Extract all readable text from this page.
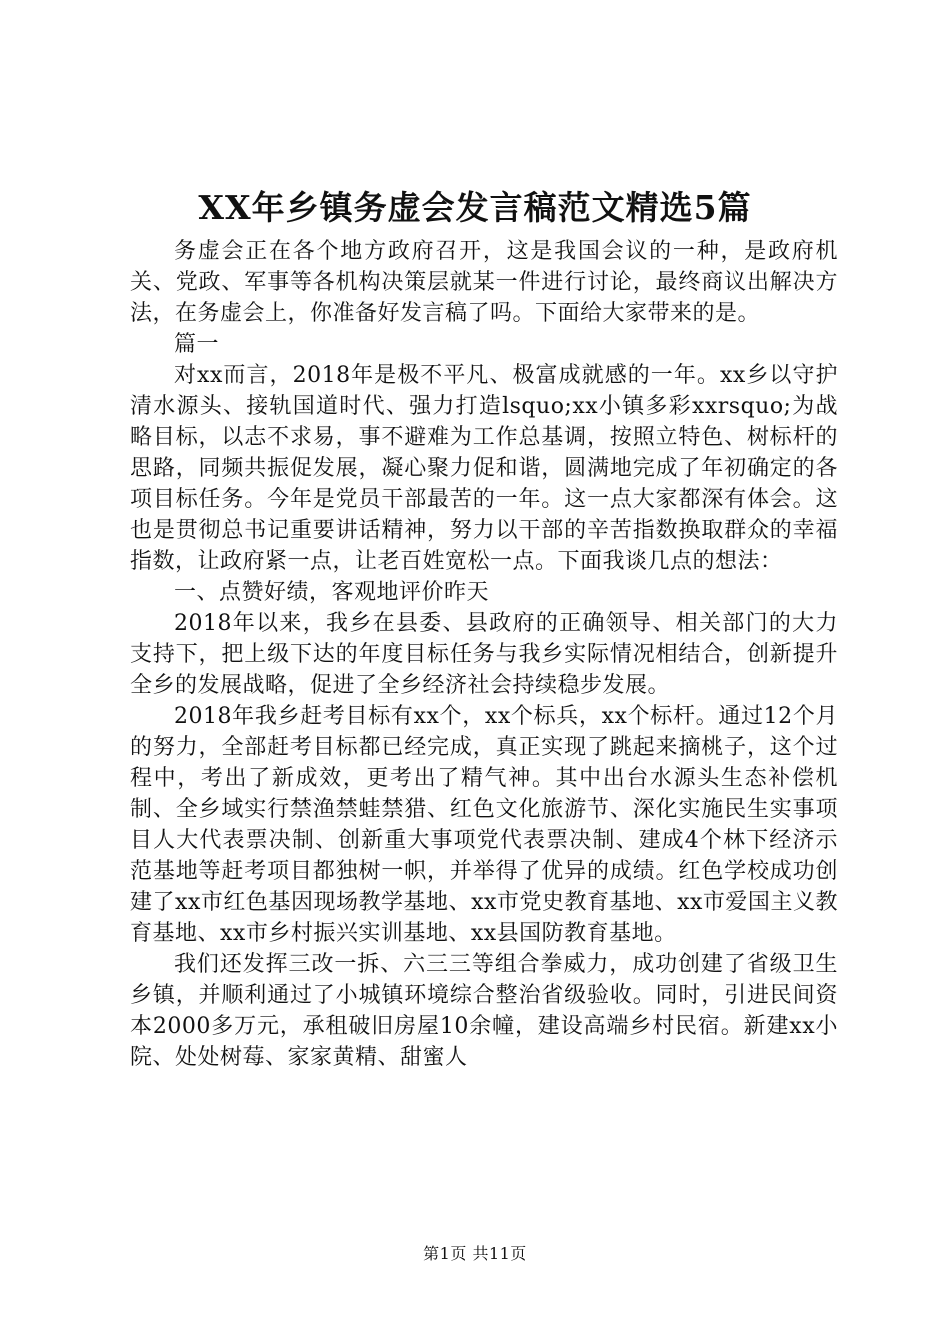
XX年乡镇务虚会发言稿范文精选5篇

务虚会正在各个地方政府召开，这是我国会议的一种，是政府机关、党政、军事等各机构决策层就某一件进行讨论，最终商议出解决方法，在务虚会上，你准备好发言稿了吗。下面给大家带来的是。

篇一

对xx而言，2018年是极不平凡、极富成就感的一年。xx乡以守护清水源头、接轨国道时代、强力打造lsquo;xx小镇多彩xxrsquo;为战略目标，以志不求易，事不避难为工作总基调，按照立特色、树标杆的思路，同频共振促发展，凝心聚力促和谐，圆满地完成了年初确定的各项目标任务。今年是党员干部最苦的一年。这一点大家都深有体会。这也是贯彻总书记重要讲话精神，努力以干部的辛苦指数换取群众的幸福指数，让政府紧一点，让老百姓宽松一点。下面我谈几点的想法：

一、点赞好绩，客观地评价昨天

2018年以来，我乡在县委、县政府的正确领导、相关部门的大力支持下，把上级下达的年度目标任务与我乡实际情况相结合，创新提升全乡的发展战略，促进了全乡经济社会持续稳步发展。

2018年我乡赶考目标有xx个，xx个标兵，xx个标杆。通过12个月的努力，全部赶考目标都已经完成，真正实现了跳起来摘桃子，这个过程中，考出了新成效，更考出了精气神。其中出台水源头生态补偿机制、全乡域实行禁渔禁蛙禁猎、红色文化旅游节、深化实施民生实事项目人大代表票决制、创新重大事项党代表票决制、建成4个林下经济示范基地等赶考项目都独树一帜，并举得了优异的成绩。红色学校成功创建了xx市红色基因现场教学基地、xx市党史教育基地、xx市爱国主义教育基地、xx市乡村振兴实训基地、xx县国防教育基地。

我们还发挥三改一拆、六三三等组合拳威力，成功创建了省级卫生乡镇，并顺利通过了小城镇环境综合整治省级验收。同时，引进民间资本2000多万元，承租破旧房屋10余幢，建设高端乡村民宿。新建xx小院、处处树莓、家家黄精、甜蜜人

第1页 共11页
